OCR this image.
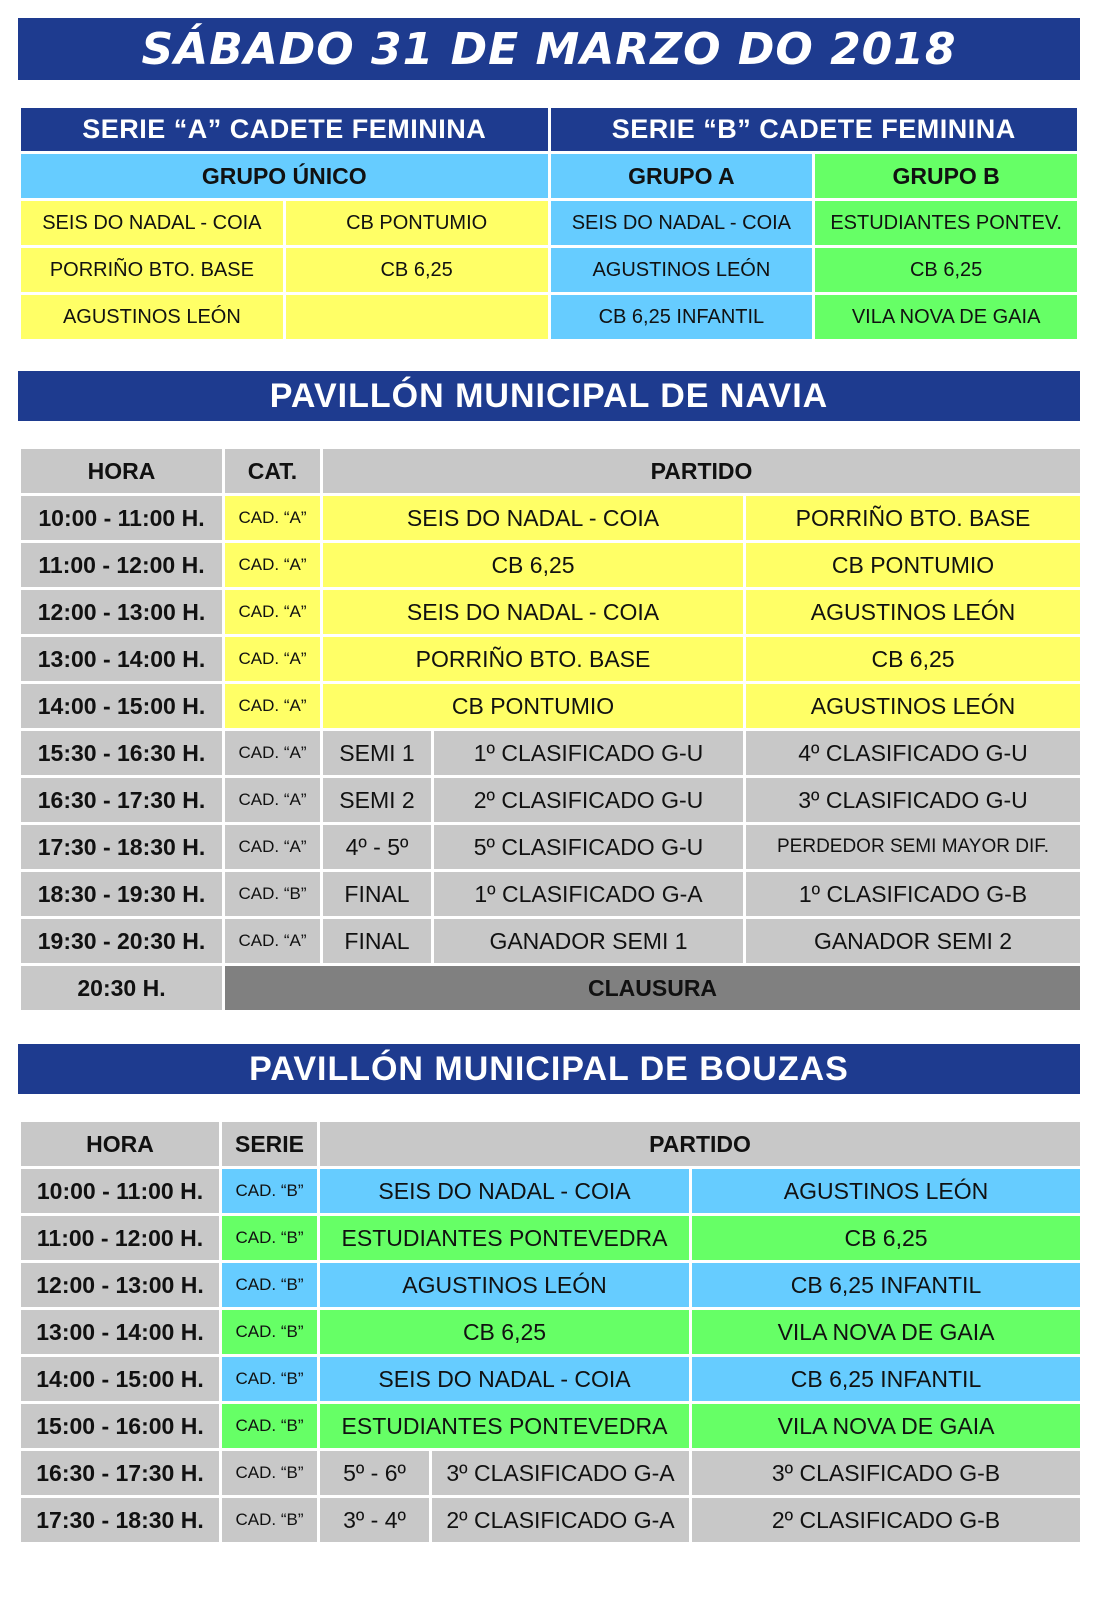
SÁBADO 31 DE MARZO DO 2018
SERIE “A” CADETE FEMININA		SERIE “B” CADETE FEMININA	
GRUPO ÚNICO		GRUPO A	GRUPO B
SEIS DO NADAL - COIA	CB PONTUMIO	SEIS DO NADAL - COIA	ESTUDIANTES PONTEV.
PORRIÑO BTO. BASE	CB 6,25	AGUSTINOS LEÓN	CB 6,25
AGUSTINOS LEÓN		CB 6,25 INFANTIL	VILA NOVA DE GAIA
PAVILLÓN MUNICIPAL DE NAVIA
HORA	CAT.	PARTIDO		
10:00 - 11:00 H.	CAD. “A”	SEIS DO NADAL - COIA		PORRIÑO BTO. BASE
11:00 - 12:00 H.	CAD. “A”	CB 6,25		CB PONTUMIO
12:00 - 13:00 H.	CAD. “A”	SEIS DO NADAL - COIA		AGUSTINOS LEÓN
13:00 - 14:00 H.	CAD. “A”	PORRIÑO BTO. BASE		CB 6,25
14:00 - 15:00 H.	CAD. “A”	CB PONTUMIO		AGUSTINOS LEÓN
15:30 - 16:30 H.	CAD. “A”	SEMI 1	1º CLASIFICADO G-U	4º CLASIFICADO G-U
16:30 - 17:30 H.	CAD. “A”	SEMI 2	2º CLASIFICADO G-U	3º CLASIFICADO G-U
17:30 - 18:30 H.	CAD. “A”	4º - 5º	5º CLASIFICADO G-U	PERDEDOR SEMI MAYOR DIF.
18:30 - 19:30 H.	CAD. “B”	FINAL	1º CLASIFICADO G-A	1º CLASIFICADO G-B
19:30 - 20:30 H.	CAD. “A”	FINAL	GANADOR SEMI 1	GANADOR SEMI 2
20:30 H.	CLAUSURA			
PAVILLÓN MUNICIPAL DE BOUZAS
HORA	SERIE	PARTIDO		
10:00 - 11:00 H.	CAD. “B”	SEIS DO NADAL - COIA		AGUSTINOS LEÓN
11:00 - 12:00 H.	CAD. “B”	ESTUDIANTES PONTEVEDRA		CB 6,25
12:00 - 13:00 H.	CAD. “B”	AGUSTINOS LEÓN		CB 6,25 INFANTIL
13:00 - 14:00 H.	CAD. “B”	CB 6,25		VILA NOVA DE GAIA
14:00 - 15:00 H.	CAD. “B”	SEIS DO NADAL - COIA		CB 6,25 INFANTIL
15:00 - 16:00 H.	CAD. “B”	ESTUDIANTES PONTEVEDRA		VILA NOVA DE GAIA
16:30 - 17:30 H.	CAD. “B”	5º - 6º	3º CLASIFICADO G-A	3º CLASIFICADO G-B
17:30 - 18:30 H.	CAD. “B”	3º - 4º	2º CLASIFICADO G-A	2º CLASIFICADO G-B
